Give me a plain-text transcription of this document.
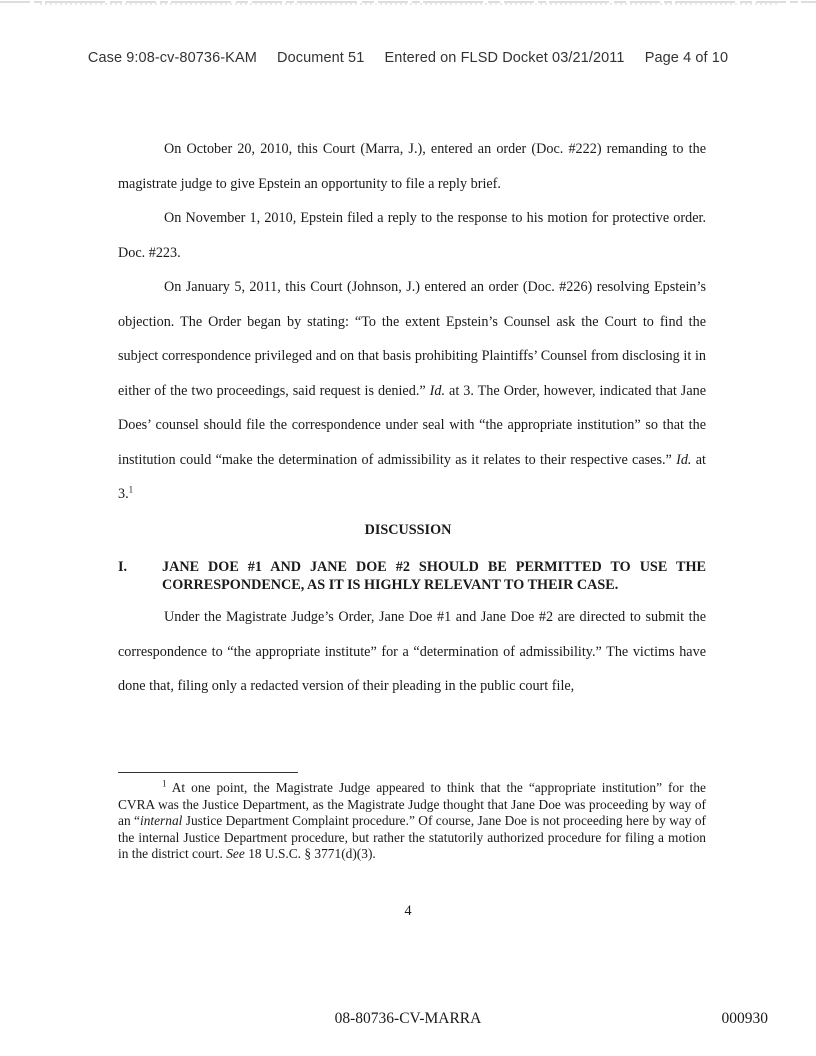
Case 9:08-cv-80736-KAM Document 51 Entered on FLSD Docket 03/21/2011 Page 4 of 10
On October 20, 2010, this Court (Marra, J.), entered an order (Doc. #222) remanding to the magistrate judge to give Epstein an opportunity to file a reply brief.
On November 1, 2010, Epstein filed a reply to the response to his motion for protective order. Doc. #223.
On January 5, 2011, this Court (Johnson, J.) entered an order (Doc. #226) resolving Epstein’s objection. The Order began by stating: “To the extent Epstein’s Counsel ask the Court to find the subject correspondence privileged and on that basis prohibiting Plaintiffs’ Counsel from disclosing it in either of the two proceedings, said request is denied.” Id. at 3. The Order, however, indicated that Jane Does’ counsel should file the correspondence under seal with “the appropriate institution” so that the institution could “make the determination of admissibility as it relates to their respective cases.” Id. at 3.$^1$
DISCUSSION
I. JANE DOE #1 AND JANE DOE #2 SHOULD BE PERMITTED TO USE THE CORRESPONDENCE, AS IT IS HIGHLY RELEVANT TO THEIR CASE.
Under the Magistrate Judge’s Order, Jane Doe #1 and Jane Doe #2 are directed to submit the correspondence to “the appropriate institute” for a “determination of admissibility.” The victims have done that, filing only a redacted version of their pleading in the public court file,
$^1$ At one point, the Magistrate Judge appeared to think that the “appropriate institution” for the CVRA was the Justice Department, as the Magistrate Judge thought that Jane Doe was proceeding by way of an “internal Justice Department Complaint procedure.” Of course, Jane Doe is not proceeding here by way of the internal Justice Department procedure, but rather the statutorily authorized procedure for filing a motion in the district court. See 18 U.S.C. § 3771(d)(3).
4
08-80736-CV-MARRA	000930
